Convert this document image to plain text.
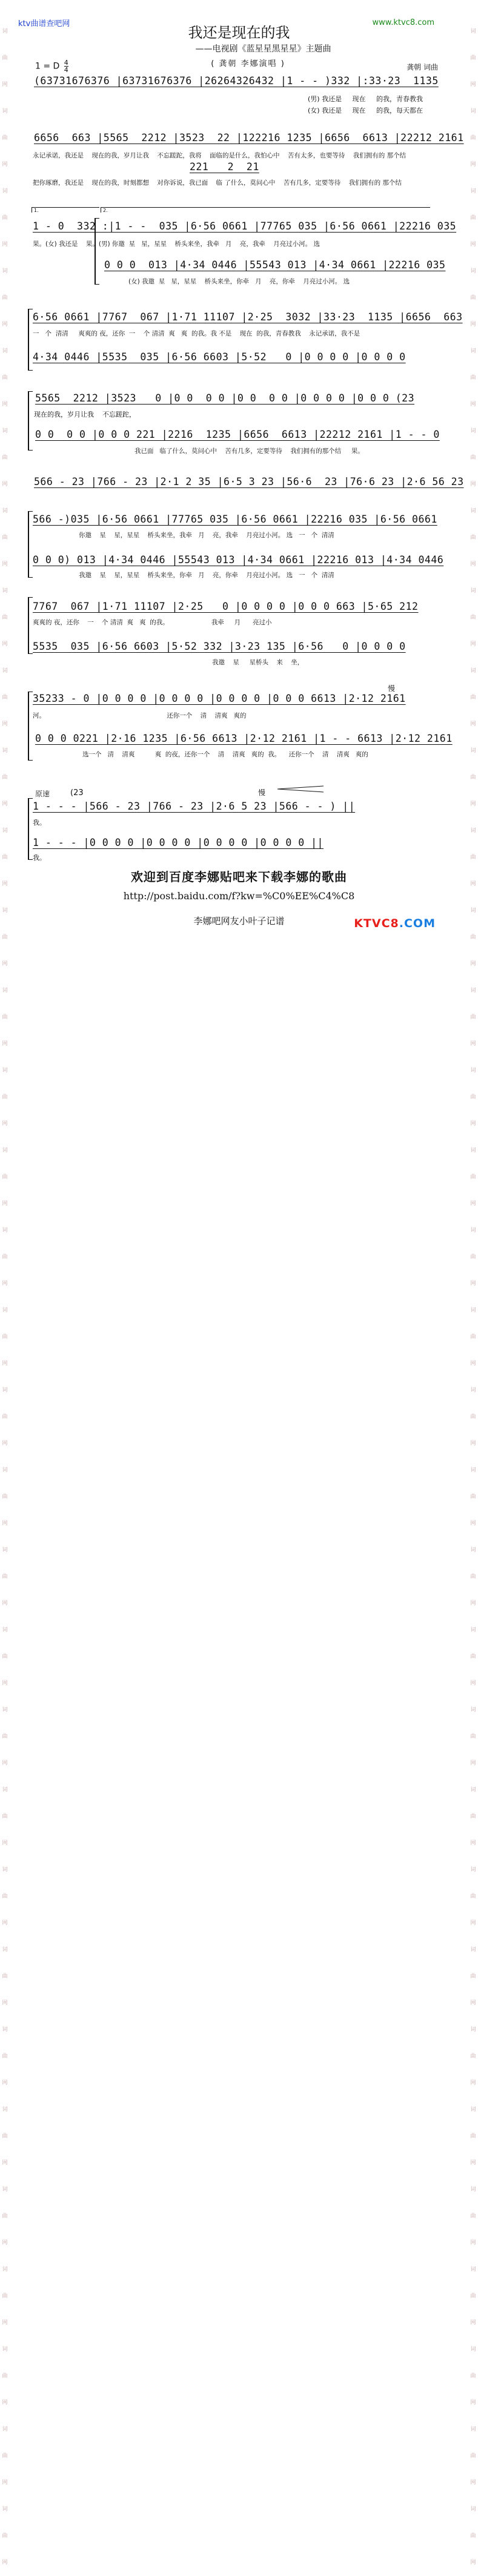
词曲网词曲网词曲网词曲网词曲网词曲网词曲网词曲网词曲网词曲网词曲网词曲网词曲网词曲网词曲网词曲网词曲网词曲网词曲网词曲网词曲网词曲网词曲网词曲网词曲网词曲网词曲网词曲网词曲网词曲网词曲网词曲网
词曲网词曲网词曲网词曲网词曲网词曲网词曲网词曲网词曲网词曲网词曲网词曲网词曲网词曲网词曲网词曲网词曲网词曲网词曲网词曲网词曲网词曲网词曲网词曲网词曲网词曲网词曲网词曲网词曲网词曲网词曲网词曲网
ktv曲谱查吧网	www.ktvc8.com
我还是现在的我
——电视剧《蓝星星黑星星》主题曲
( 龚朝 李娜演唱 )	龚朝 词曲
1 = D $\frac{4}{4}$
(63731676376 |63731676376 |26264326432 |1 - - )332 |:33·23  1135
(男) 我还是     现在     的我，青春教我
(女) 我还是     现在     的我，每天都在
6656  663 |5565  2212 |3523  22 |122216 1235 |6656  6613 |22212 2161
永记承诺，我还是    现在的我，岁月让我    不忘蹉跎，我将    面临的是什么，我怕心中    苦有太多，也要等待    我们拥有的 那个结
221   2  21
把你琢磨，我还是    现在的我，时刻都想    对你诉说，我已面    临 了什么，莫问心中    苦有几多，定要等待    我们拥有的 那个结
1.	2.
1 - 0  332 :|1 - -  035 |6·56 0661 |77765 035 |6·56 0661 |22216 035
果。(女) 我还是    果。(男) 你邀  星   星，星星    桥头来坐，我牵   月    亮，我牵    月亮过小河。 选
0 0 0  013 |4·34 0446 |55543 013 |4·34 0661 |22216 035
(女) 我邀  星   星，星星    桥头来坐，你牵   月    亮，你牵    月亮过小河。 选
6·56 0661 |7767  067 |1·71 11107 |2·25  3032 |33·23  1135 |6656  663
一   个  清清     爽爽的 夜，还你  一    个 清清  爽   爽  的我。我 不是    现在  的我，青春教我    永记承诺，我不是
4·34 0446 |5535  035 |6·56 6603 |5·52   0 |0 0 0 0 |0 0 0 0
5565  2212 |3523   0 |0 0  0 0 |0 0  0 0 |0 0 0 0 |0 0 0 (23
现在的我，岁月让我    不忘蹉跎，
0 0  0 0 |0 0 0 221 |2216  1235 |6656  6613 |22212 2161 |1 - - 0
我已面   临了什么，莫问心中    苦有几多，定要等待    我们拥有的那个结     果。
566 - 23 |766 - 23 |2·1 2 35 |6·5 3 23 |56·6  23 |76·6 23 |2·6 56 23
566 -)035 |6·56 0661 |77765 035 |6·56 0661 |22216 035 |6·56 0661
你邀    星    星，星星    桥头来坐，我牵   月    亮，我牵    月亮过小河。 选   一   个  清清
0 0 0) 013 |4·34 0446 |55543 013 |4·34 0661 |22216 013 |4·34 0446
我邀    星    星，星星    桥头来坐，你牵   月    亮，你牵    月亮过小河。 选   一   个  清清
7767  067 |1·71 11107 |2·25   0 |0 0 0 0 |0 0 0 663 |5·65 212
爽爽的 夜，还你    一    个 清清  爽   爽  的我。                     我牵     月      亮过小
5535  035 |6·56 6603 |5·52 332 |3·23 135 |6·56   0 |0 0 0 0
我邀    星     星桥头    来    坐，
慢
35233 - 0 |0 0 0 0 |0 0 0 0 |0 0 0 0 |0 0 0 6613 |2·12 2161
河。                                                            还你一个    清    清爽   爽的
0 0 0 0221 |2·16 1235 |6·56 6613 |2·12 2161 |1 - - 6613 |2·12 2161
选一个   清    清爽          爽  的夜，还你一个    清    清爽   爽的  我。    还你一个    清    清爽   爽的
原速	(23	慢
1 - - - |566 - 23 |766 - 23 |2·6 5 23 |566 - - ) ||
我。
1 - - - |0 0 0 0 |0 0 0 0 |0 0 0 0 |0 0 0 0 ||
我。
欢迎到百度李娜贴吧来下载李娜的歌曲
http://post.baidu.com/f?kw=%C0%EE%C4%C8
李娜吧网友小叶子记谱	KTVC8.COM
